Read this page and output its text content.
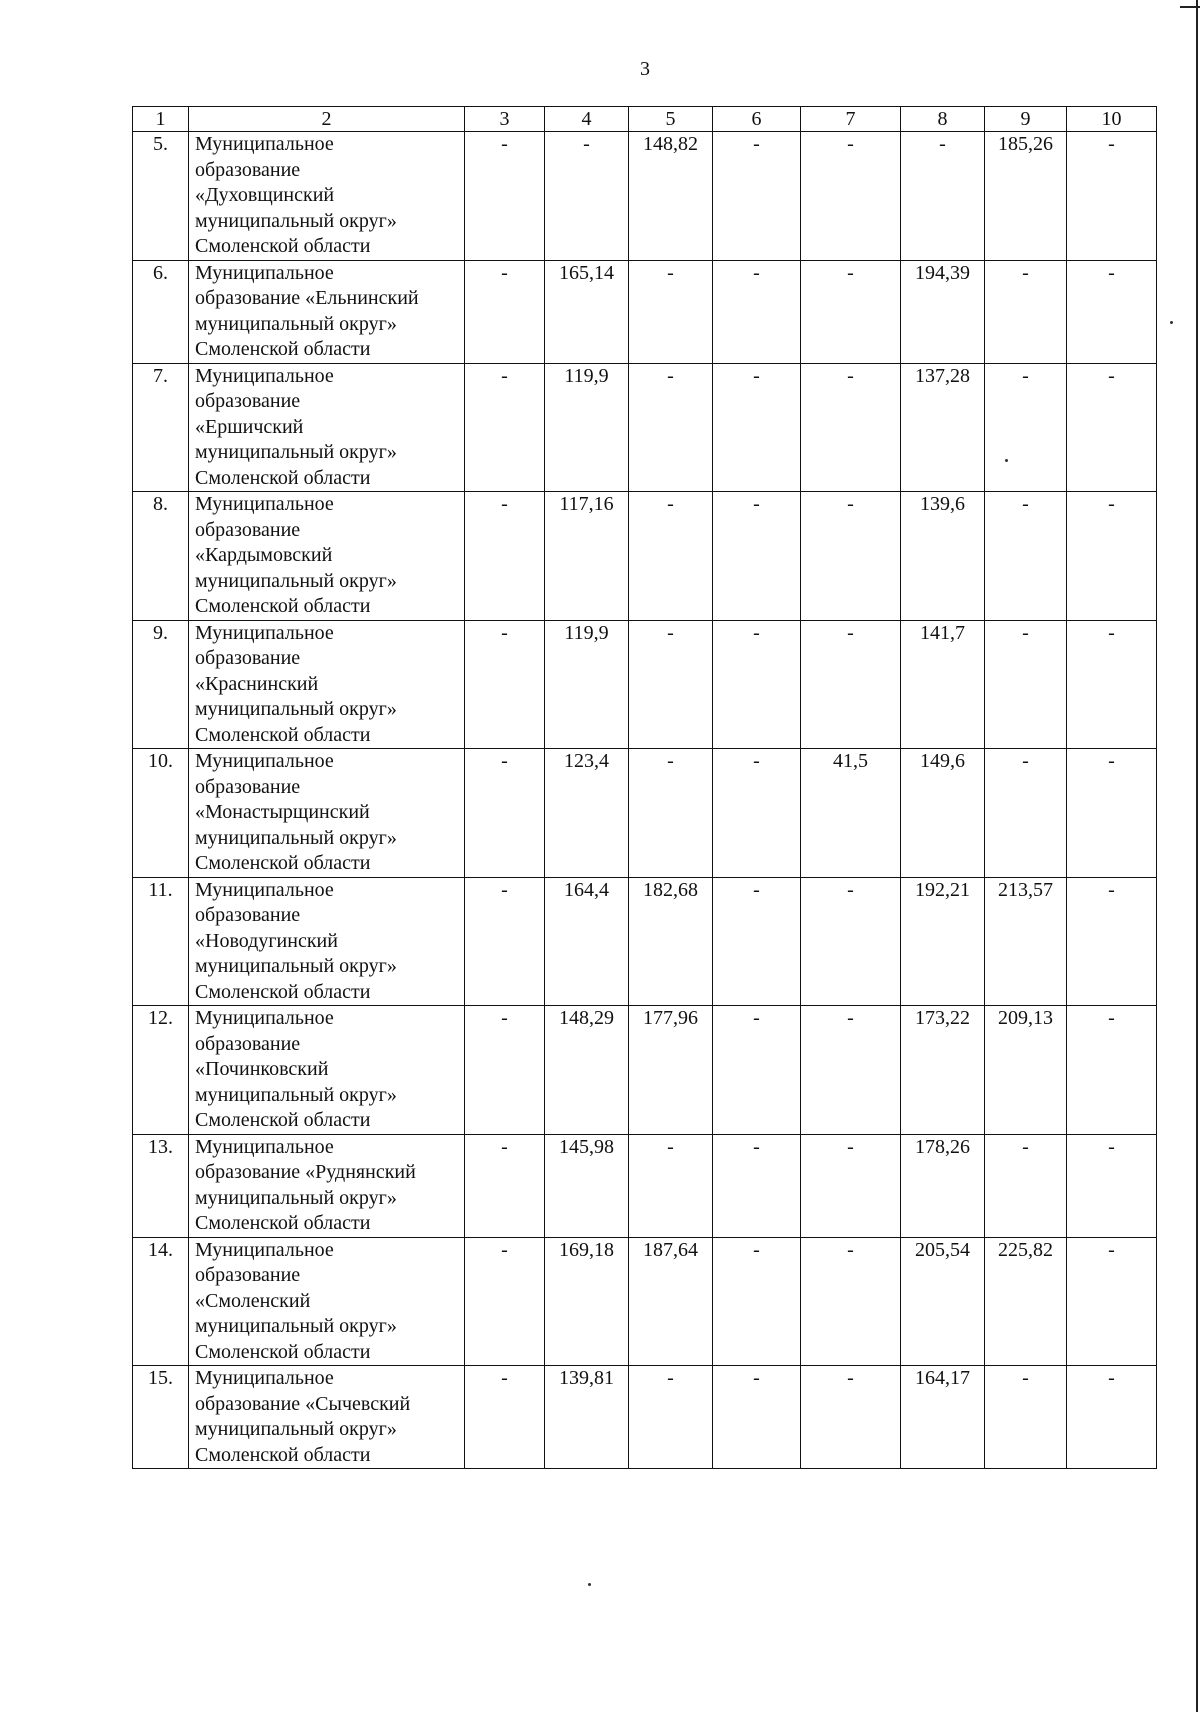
3
1	2	3	4	5	6	7	8	9	10
5.	Муниципальное
образование
«Духовщинский
муниципальный округ»
Смоленской области	-	-	148,82	-	-	-	185,26	-
6.	Муниципальное
образование «Ельнинский
муниципальный округ»
Смоленской области	-	165,14	-	-	-	194,39	-	-
7.	Муниципальное
образование
«Ершичский
муниципальный округ»
Смоленской области	-	119,9	-	-	-	137,28	-	-
8.	Муниципальное
образование
«Кардымовский
муниципальный округ»
Смоленской области	-	117,16	-	-	-	139,6	-	-
9.	Муниципальное
образование
«Краснинский
муниципальный округ»
Смоленской области	-	119,9	-	-	-	141,7	-	-
10.	Муниципальное
образование
«Монастырщинский
муниципальный округ»
Смоленской области	-	123,4	-	-	41,5	149,6	-	-
11.	Муниципальное
образование
«Новодугинский
муниципальный округ»
Смоленской области	-	164,4	182,68	-	-	192,21	213,57	-
12.	Муниципальное
образование
«Починковский
муниципальный округ»
Смоленской области	-	148,29	177,96	-	-	173,22	209,13	-
13.	Муниципальное
образование «Руднянский
муниципальный округ»
Смоленской области	-	145,98	-	-	-	178,26	-	-
14.	Муниципальное
образование
«Смоленский
муниципальный округ»
Смоленской области	-	169,18	187,64	-	-	205,54	225,82	-
15.	Муниципальное
образование «Сычевский
муниципальный округ»
Смоленской области	-	139,81	-	-	-	164,17	-	-
